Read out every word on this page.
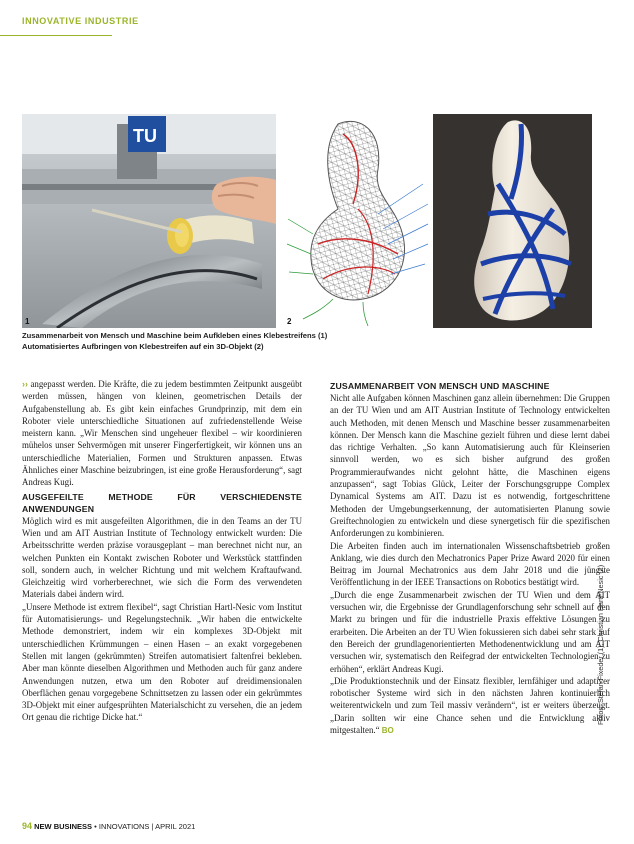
INNOVATIVE INDUSTRIE
TU
1	2
Zusammenarbeit von Mensch und Maschine beim Aufkleben eines Klebestreifens (1)
Automatisiertes Aufbringen von Klebestreifen auf ein 3D-Objekt (2)

›› angepasst werden. Die Kräfte, die zu jedem bestimmten Zeitpunkt ausgeübt werden müssen, hängen von kleinen, geometrischen Details der Aufgabenstellung ab. Es gibt kein einfaches Grundprinzip, mit dem ein Roboter viele unterschiedliche Situationen auf zufriedenstellende Weise meistern kann. „Wir Menschen sind ungeheuer flexibel – wir koordinieren mühelos unser Sehvermögen mit unserer Fingerfertigkeit, wir können uns an unterschiedliche Materialien, Formen und Strukturen anpassen. Etwas Ähnliches einer Maschine beizubringen, ist eine große Herausforderung“, sagt Andreas Kugi.

AUSGEFEILTE METHODE FÜR VERSCHIEDENSTE ANWENDUNGEN

Möglich wird es mit ausgefeilten Algorithmen, die in den Teams an der TU Wien und am AIT Austrian Institute of Technology entwickelt wurden: Die Arbeitsschritte werden präzise vorausgeplant – man berechnet nicht nur, an welchen Punkten ein Kontakt zwischen Roboter und Werkstück stattfinden soll, sondern auch, in welcher Richtung und mit welchem Kraftaufwand. Gleichzeitig wird vorherberechnet, wie sich die Form des verwendeten Materials dabei ändern wird.

„Unsere Methode ist extrem flexibel“, sagt Christian Hartl-Nesic vom Institut für Automatisierungs- und Regelungstechnik. „Wir haben die entwickelte Methode demonstriert, indem wir ein komplexes 3D-Objekt mit unterschiedlichen Krümmungen – einen Hasen – an exakt vorgegebenen Stellen mit langen (gekrümmten) Streifen automatisiert faltenfrei bekleben. Aber man könnte dieselben Algorithmen und Methoden auch für ganz andere Anwendungen nutzen, etwa um den Roboter auf dreidimensionalen Oberflächen genau vorgegebene Schnittsetzen zu lassen oder ein gekrümmtes 3D-Objekt mit einer aufgesprühten Materialschicht zu versehen, die an jedem Ort genau die richtige Dicke hat.“

ZUSAMMENARBEIT VON MENSCH UND MASCHINE

Nicht alle Aufgaben können Maschinen ganz allein übernehmen: Die Gruppen an der TU Wien und am AIT Austrian Institute of Technology entwickelten auch Methoden, mit denen Mensch und Maschine besser zusammenarbeiten können. Der Mensch kann die Maschine gezielt führen und diese lernt dabei das richtige Verhalten. „So kann Automatisierung auch für Kleinserien sinnvoll werden, wo es sich bisher aufgrund des großen Programmieraufwandes nicht gelohnt hätte, die Maschinen eigens anzupassen“, sagt Tobias Glück, Leiter der Forschungsgruppe Complex Dynamical Systems am AIT. Dazu ist es notwendig, fortgeschrittene Methoden der Umgebungserkennung, der automatisierten Planung sowie Greiftechnologien zu entwickeln und diese synergetisch für die spezifischen Anforderungen zu kombinieren.

Die Arbeiten finden auch im internationalen Wissenschaftsbetrieb großen Anklang, wie dies durch den Mechatronics Paper Prize Award 2020 für einen Beitrag im Journal Mechatronics aus dem Jahr 2018 und die jüngste Veröffentlichung in der IEEE Transactions on Robotics bestätigt wird.

„Durch die enge Zusammenarbeit zwischen der TU Wien und dem AIT versuchen wir, die Ergebnisse der Grundlagenforschung sehr schnell auf den Markt zu bringen und für die industrielle Praxis effektive Lösungen zu erarbeiten. Die Arbeiten an der TU Wien fokussieren sich dabei sehr stark auf den Bereich der grundlagenorientierten Methodenentwicklung und am AIT versuchen wir, systematisch den Reifegrad der entwickelten Technologien zu erhöhen“, erklärt Andreas Kugi.

„Die Produktionstechnik und der Einsatz flexibler, lernfähiger und adaptiver robotischer Systeme wird sich in den nächsten Jahren kontinuierlich weiterentwickeln und zum Teil massiv verändern“, ist er weiters überzeugt. „Darin sollten wir eine Chance sehen und die Entwicklung aktiv mitgestalten.“ BO

Fotos: Stefan Fixeder (1), Christian Hartl-Nesic (2)
94 NEW BUSINESS • INNOVATIONS | APRIL 2021
